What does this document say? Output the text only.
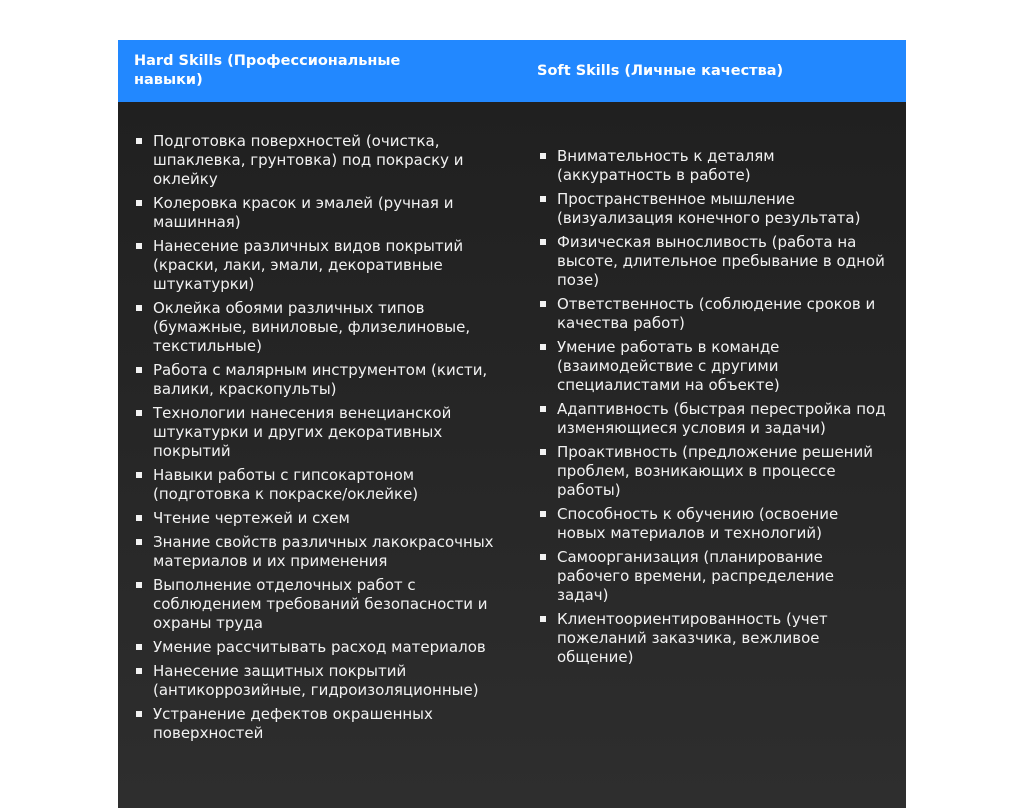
Hard Skills (Профессиональные навыки)
Soft Skills (Личные качества)
Подготовка поверхностей (очистка, шпаклевка, грунтовка) под покраску и оклейку
Колеровка красок и эмалей (ручная и машинная)
Нанесение различных видов покрытий (краски, лаки, эмали, декоративные штукатурки)
Оклейка обоями различных типов (бумажные, виниловые, флизелиновые, текстильные)
Работа с малярным инструментом (кисти, валики, краскопульты)
Технологии нанесения венецианской штукатурки и других декоративных покрытий
Навыки работы с гипсокартоном (подготовка к покраске/оклейке)
Чтение чертежей и схем
Знание свойств различных лакокрасочных материалов и их применения
Выполнение отделочных работ с соблюдением требований безопасности и охраны труда
Умение рассчитывать расход материалов
Нанесение защитных покрытий (антикоррозийные, гидроизоляционные)
Устранение дефектов окрашенных поверхностей
Внимательность к деталям (аккуратность в работе)
Пространственное мышление (визуализация конечного результата)
Физическая выносливость (работа на высоте, длительное пребывание в одной позе)
Ответственность (соблюдение сроков и качества работ)
Умение работать в команде (взаимодействие с другими специалистами на объекте)
Адаптивность (быстрая перестройка под изменяющиеся условия и задачи)
Проактивность (предложение решений проблем, возникающих в процессе работы)
Способность к обучению (освоение новых материалов и технологий)
Самоорганизация (планирование рабочего времени, распределение задач)
Клиентоориентированность (учет пожеланий заказчика, вежливое общение)
